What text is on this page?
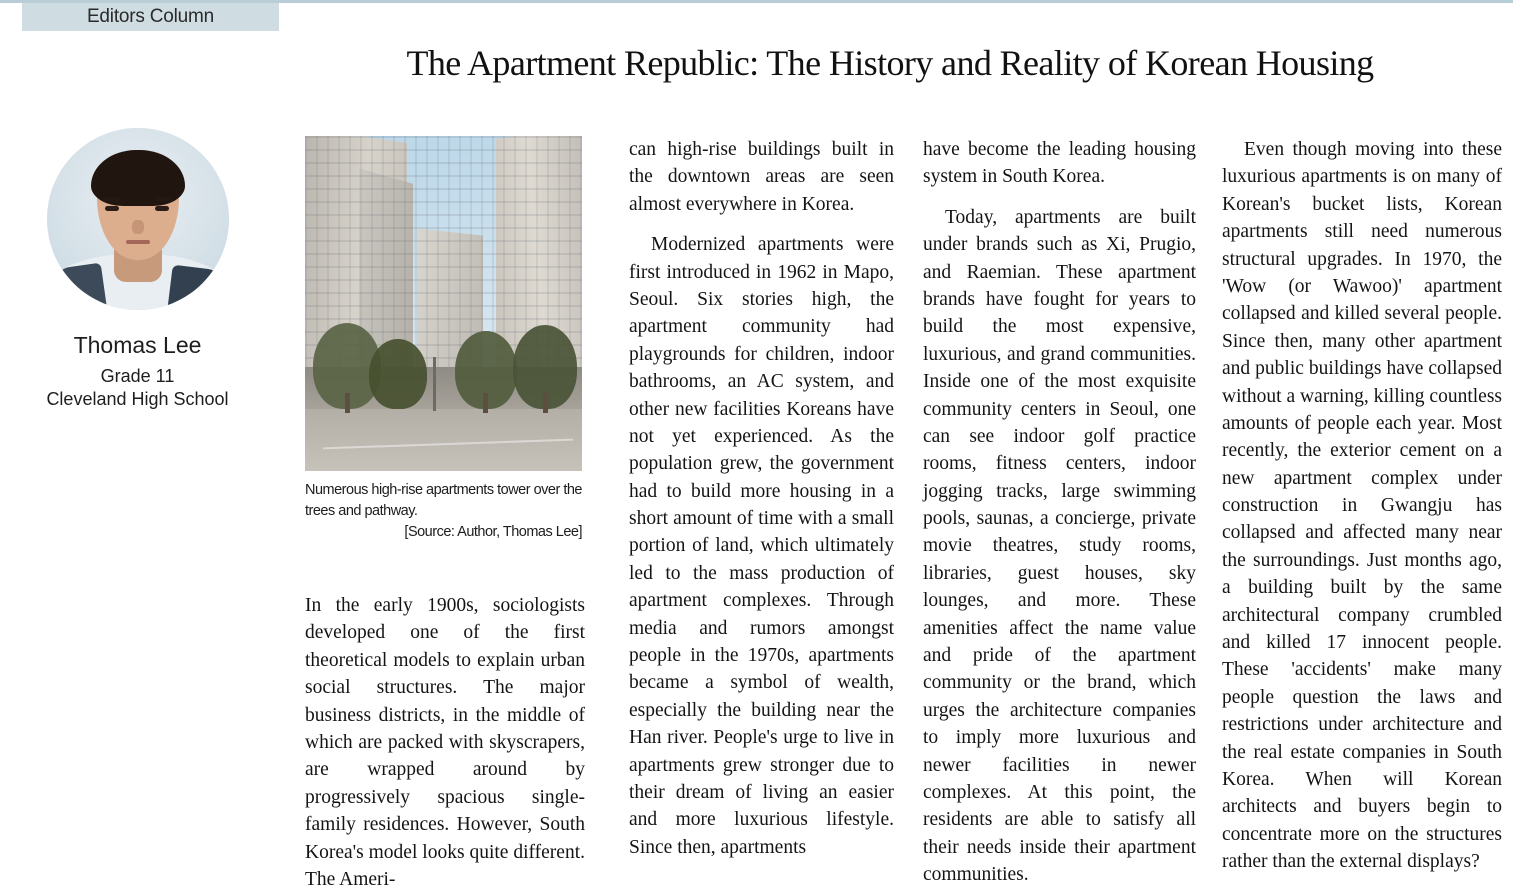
Editors Column
The Apartment Republic: The History and Reality of Korean Housing
Thomas Lee
Grade 11
Cleveland High School
Numerous high-rise apartments tower over the trees and pathway.
[Source: Author, Thomas Lee]

In the early 1900s, sociologists developed one of the first theoretical models to explain urban social structures. The major business districts, in the middle of which are packed with skyscrapers, are wrapped around by progressively spacious single-family residences. However, South Korea's model looks quite different. The Ameri-

can high-rise buildings built in the downtown areas are seen almost everywhere in Korea.

Modernized apartments were first introduced in 1962 in Mapo, Seoul. Six stories high, the apartment community had playgrounds for children, indoor bathrooms, an AC system, and other new facilities Koreans have not yet experienced. As the population grew, the government had to build more housing in a short amount of time with a small portion of land, which ultimately led to the mass production of apartment complexes. Through media and rumors amongst people in the 1970s, apartments became a symbol of wealth, especially the building near the Han river. People's urge to live in apartments grew stronger due to their dream of living an easier and more luxurious lifestyle. Since then, apartments

have become the leading housing system in South Korea.

Today, apartments are built under brands such as Xi, Prugio, and Raemian. These apartment brands have fought for years to build the most expensive, luxurious, and grand communities. Inside one of the most exquisite community centers in Seoul, one can see indoor golf practice rooms, fitness centers, indoor jogging tracks, large swimming pools, saunas, a concierge, private movie theatres, study rooms, libraries, guest houses, sky lounges, and more. These amenities affect the name value and pride of the apartment community or the brand, which urges the architecture companies to imply more luxurious and newer facilities in newer complexes. At this point, the residents are able to satisfy all their needs inside their apartment communities.

Even though moving into these luxurious apartments is on many of Korean's bucket lists, Korean apartments still need numerous structural upgrades. In 1970, the 'Wow (or Wawoo)' apartment collapsed and killed several people. Since then, many other apartment and public buildings have collapsed without a warning, killing countless amounts of people each year. Most recently, the exterior cement on a new apartment complex under construction in Gwangju has collapsed and affected many near the surroundings. Just months ago, a building built by the same architectural company crumbled and killed 17 innocent people. These 'accidents' make many people question the laws and restrictions under architecture and the real estate companies in South Korea. When will Korean architects and buyers begin to concentrate more on the structures rather than the external displays?
